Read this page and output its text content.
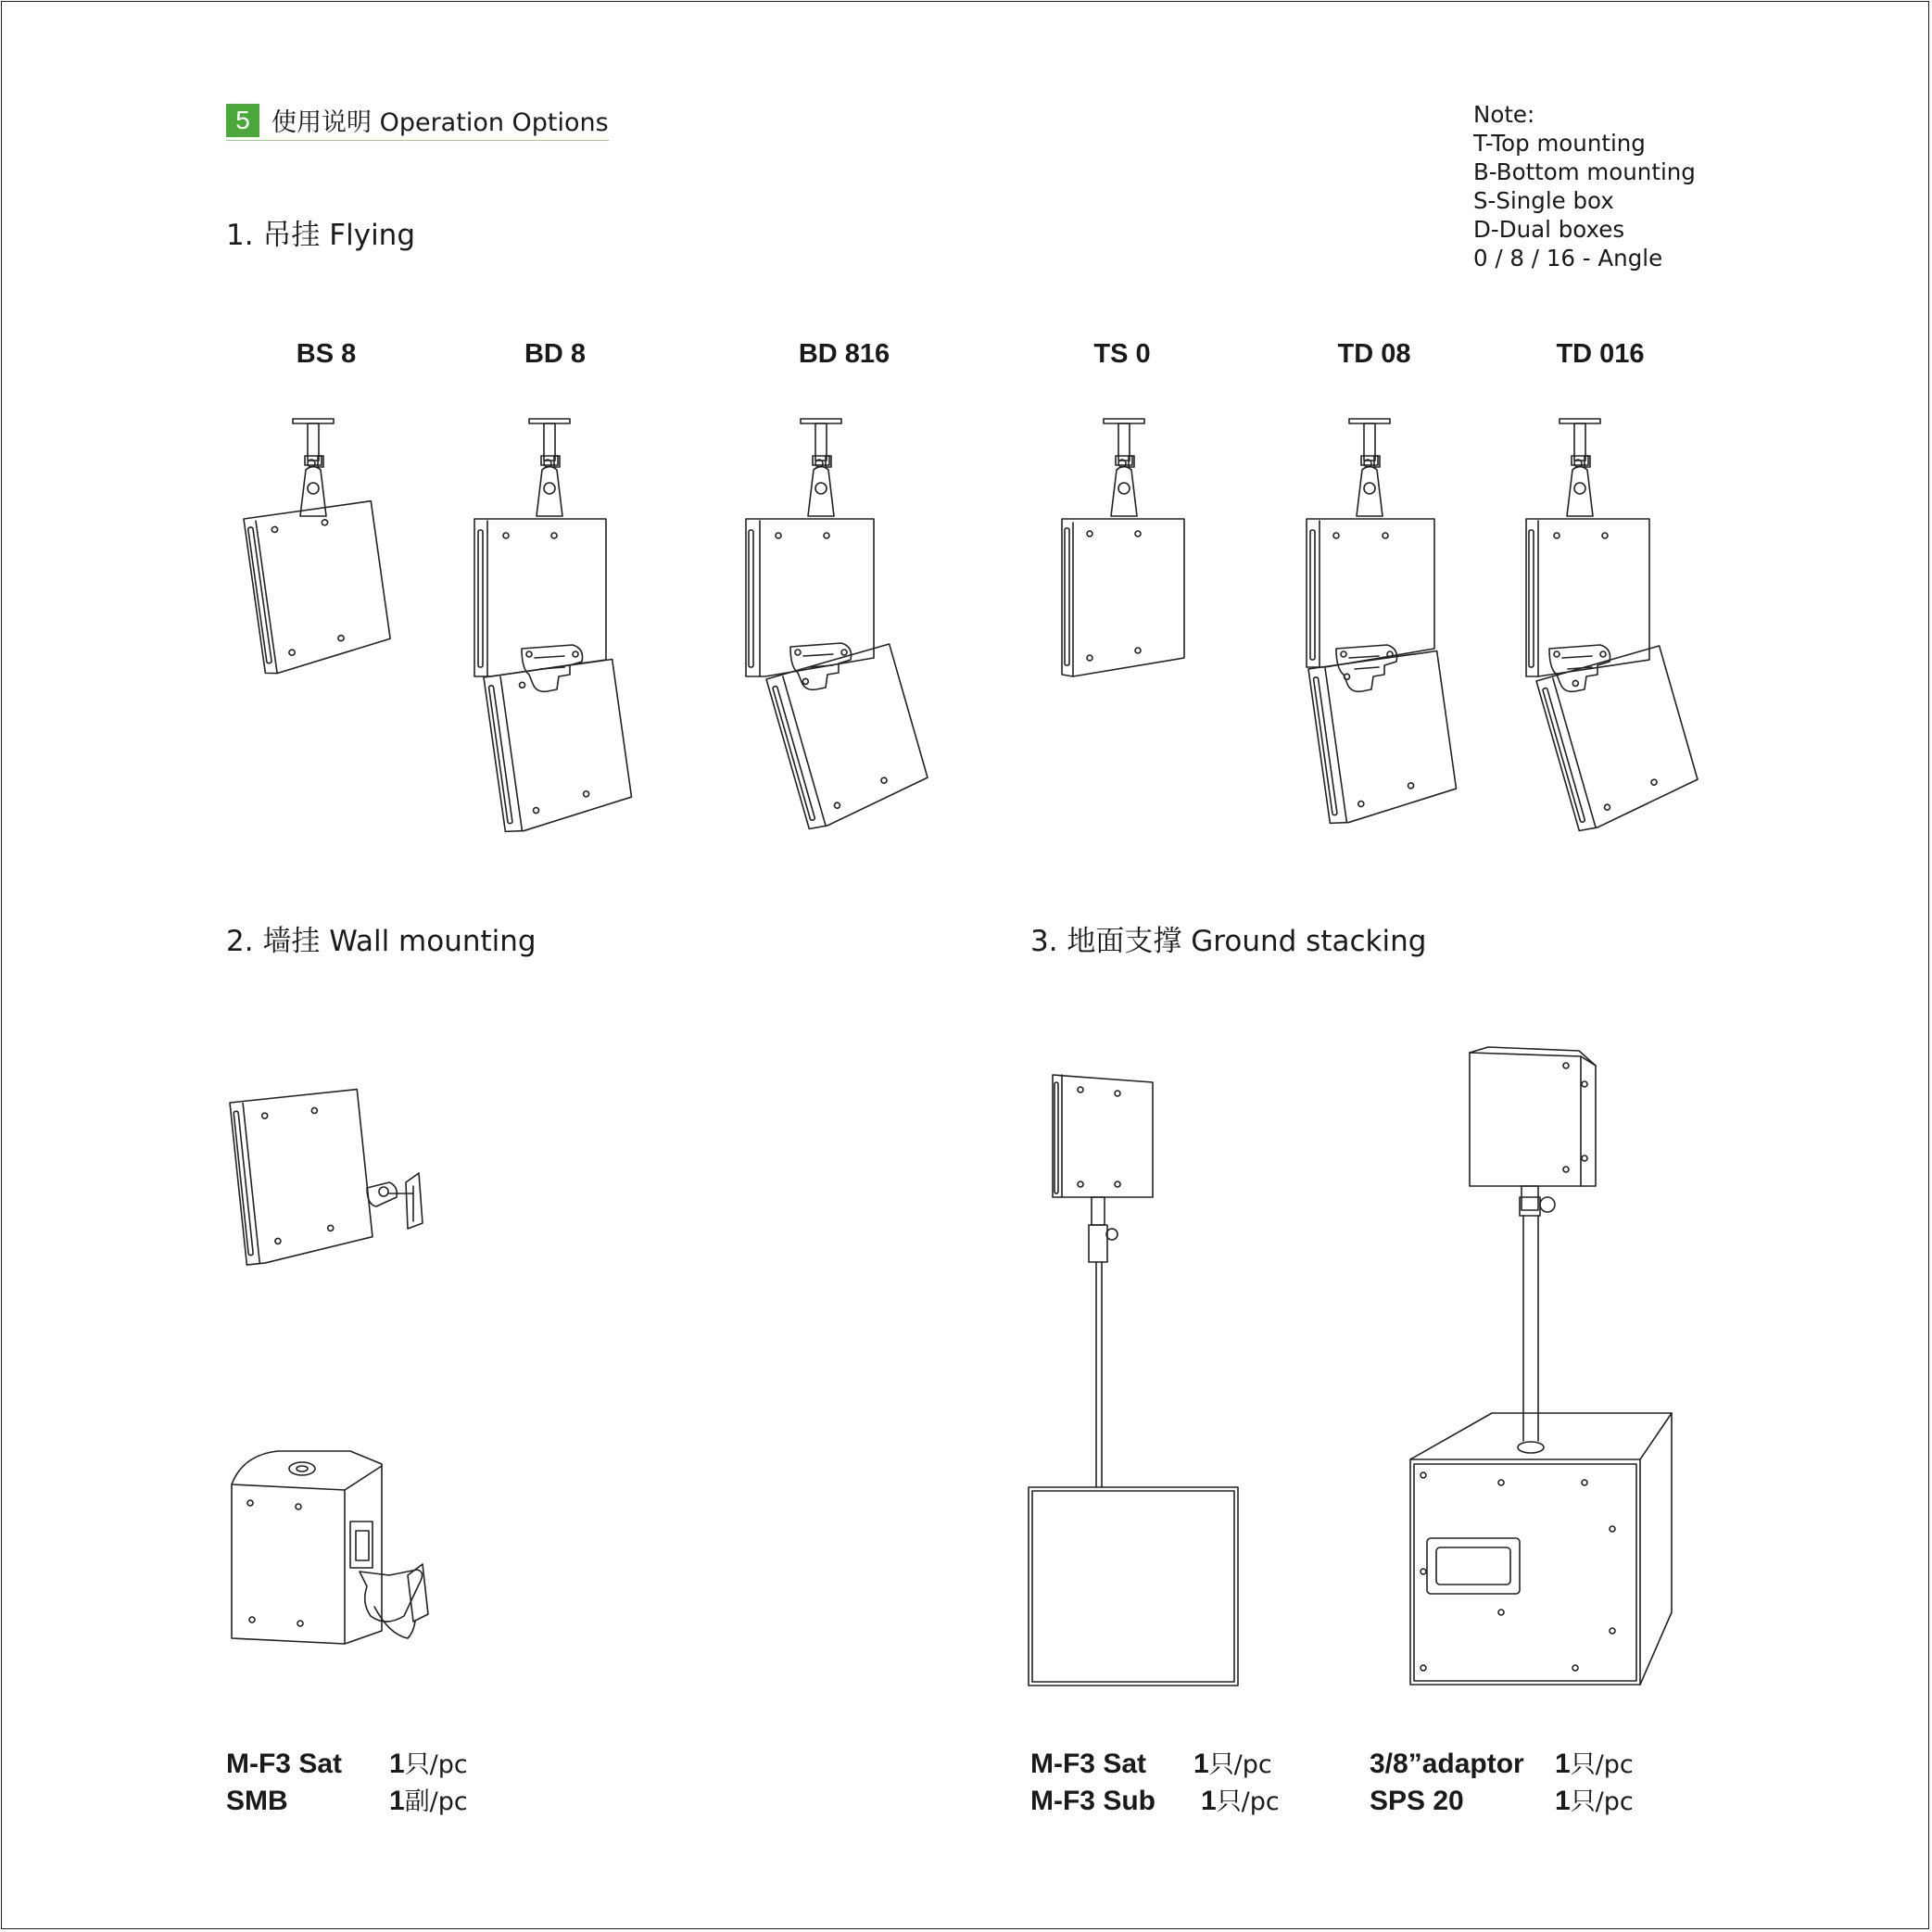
5 使用说明 Operation Options	Note:
T-Top mounting
B-Bottom mounting
S-Single box
D-Dual boxes
0 / 8 / 16 - Angle
1. 吊挂 Flying
2. 墙挂 Wall mounting	3. 地面支撑 Ground stacking
BS 8	BD 8	BD 816	TS 0	TD 08	TD 016
M-F3 Sat 1只/pc
SMB	1副/pc
M-F3 Sat 1只/pc
M-F3 Sub 1只/pc
3/8”adaptor 1只/pc
SPS 20	1只/pc
